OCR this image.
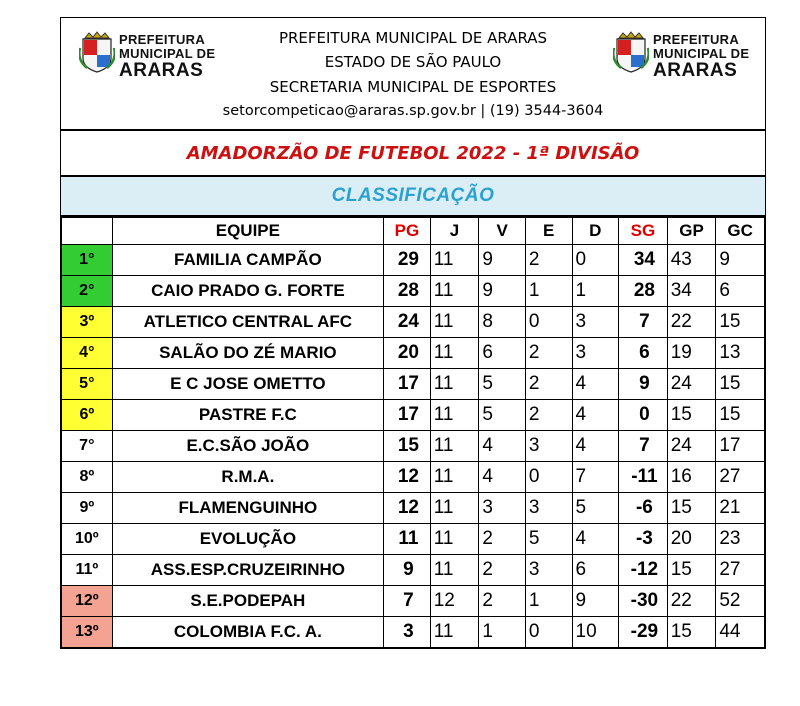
PREFEITURA
MUNICIPAL DE
ARARAS
PREFEITURA
MUNICIPAL DE
ARARAS
PREFEITURA MUNICIPAL DE ARARAS
ESTADO DE SÃO PAULO
SECRETARIA MUNICIPAL DE ESPORTES
setorcompeticao@araras.sp.gov.br | (19) 3544-3604
AMADORZÃO DE FUTEBOL 2022 - 1ª DIVISÃO
CLASSIFICAÇÃO
	EQUIPE	PG	J	V	E	D	SG	GP	GC
1°	FAMILIA CAMPÃO	29	11	9	2	0	34	43	9
2°	CAIO PRADO G. FORTE	28	11	9	1	1	28	34	6
3º	ATLETICO CENTRAL AFC	24	11	8	0	3	7	22	15
4°	SALÃO DO ZÉ MARIO	20	11	6	2	3	6	19	13
5°	E C JOSE OMETTO	17	11	5	2	4	9	24	15
6º	PASTRE F.C	17	11	5	2	4	0	15	15
7°	E.C.SÃO JOÃO	15	11	4	3	4	7	24	17
8º	R.M.A.	12	11	4	0	7	-11	16	27
9º	FLAMENGUINHO	12	11	3	3	5	-6	15	21
10º	EVOLUÇÃO	11	11	2	5	4	-3	20	23
11º	ASS.ESP.CRUZEIRINHO	9	11	2	3	6	-12	15	27
12º	S.E.PODEPAH	7	12	2	1	9	-30	22	52
13º	COLOMBIA F.C. A.	3	11	1	0	10	-29	15	44
